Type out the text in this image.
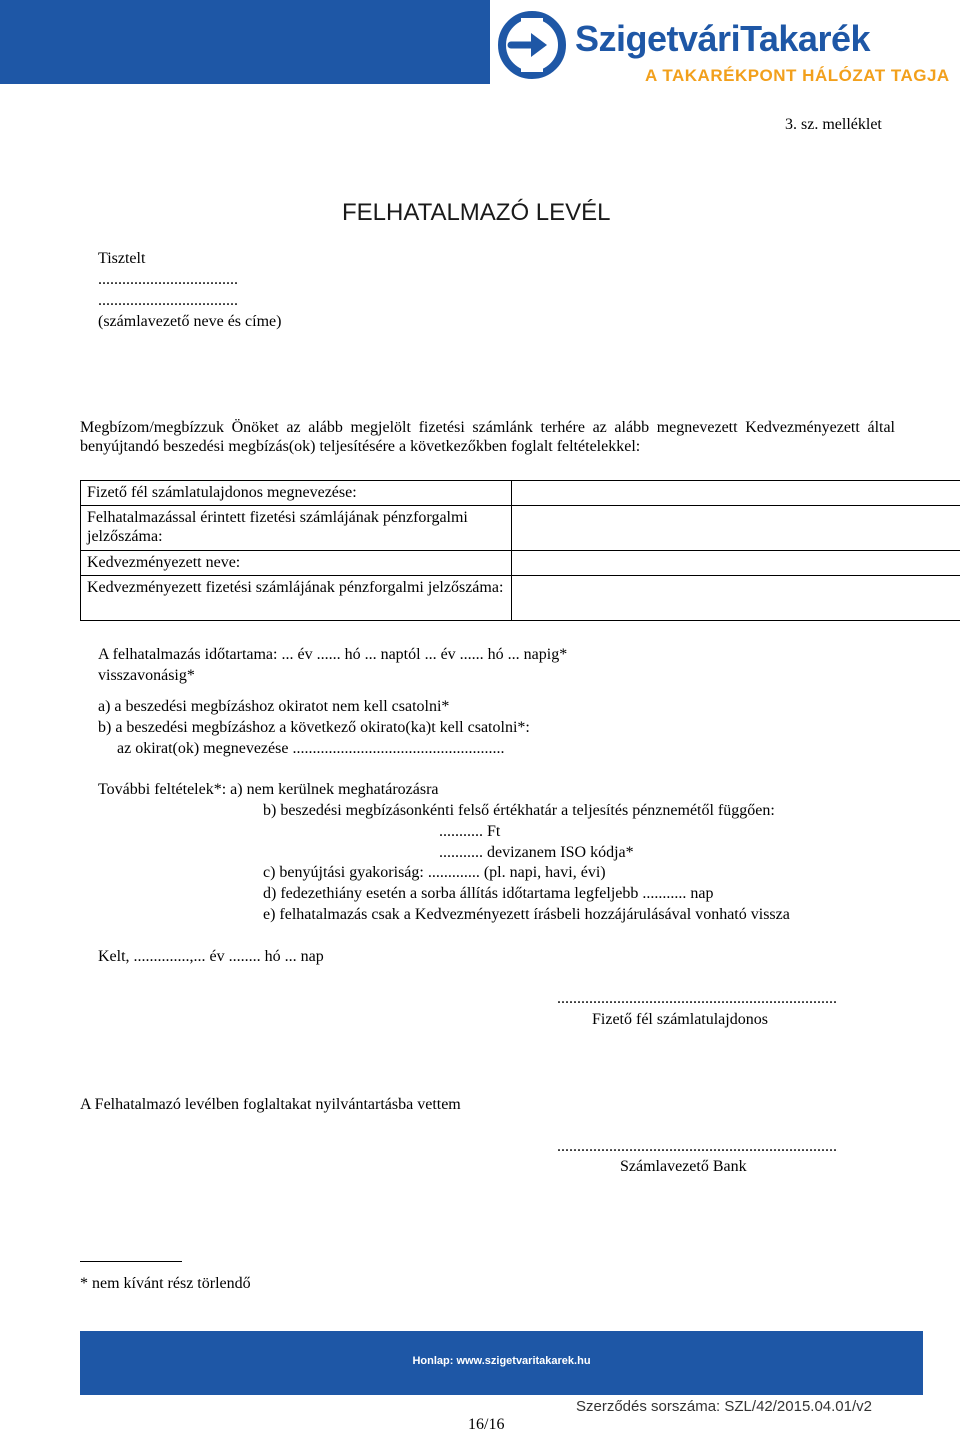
SzigetváriTakarék
A TAKARÉKPONT HÁLÓZAT TAGJA
3. sz. melléklet
FELHATALMAZÓ LEVÉL
Tisztelt
...................................
...................................
(számlavezető neve és címe)
Megbízom/megbízzuk Önöket az alább megjelölt fizetési számlánk terhére az alább megnevezett Kedvezményezett által benyújtandó beszedési megbízás(ok) teljesítésére a következőkben foglalt feltételekkel:
Fizető fél számlatulajdonos megnevezése:	
Felhatalmazással érintett fizetési számlájának pénzforgalmi jelzőszáma:	
Kedvezményezett neve:	
Kedvezményezett fizetési számlájának pénzforgalmi jelzőszáma:	
A felhatalmazás időtartama: ... év ...... hó ... naptól ... év ...... hó ... napig*
visszavonásig*
a) a beszedési megbízáshoz okiratot nem kell csatolni*
b) a beszedési megbízáshoz a következő okirato(ka)t kell csatolni*:
az okirat(ok) megnevezése .....................................................
További feltételek*: a) nem kerülnek meghatározásra
b) beszedési megbízásonkénti felső értékhatár a teljesítés pénznemétől függően:
........... Ft
........... devizanem ISO kódja*
c) benyújtási gyakoriság: ............. (pl. napi, havi, évi)
d) fedezethiány esetén a sorba állítás időtartama legfeljebb ........... nap
e) felhatalmazás csak a Kedvezményezett írásbeli hozzájárulásával vonható vissza
Kelt, ..............,... év ........ hó ... nap
......................................................................
Fizető fél számlatulajdonos
A Felhatalmazó levélben foglaltakat nyilvántartásba vettem
......................................................................
Számlavezető Bank
* nem kívánt rész törlendő
Honlap: www.szigetvaritakarek.hu
16/16
Szerződés sorszáma: SZL/42/2015.04.01/v2
